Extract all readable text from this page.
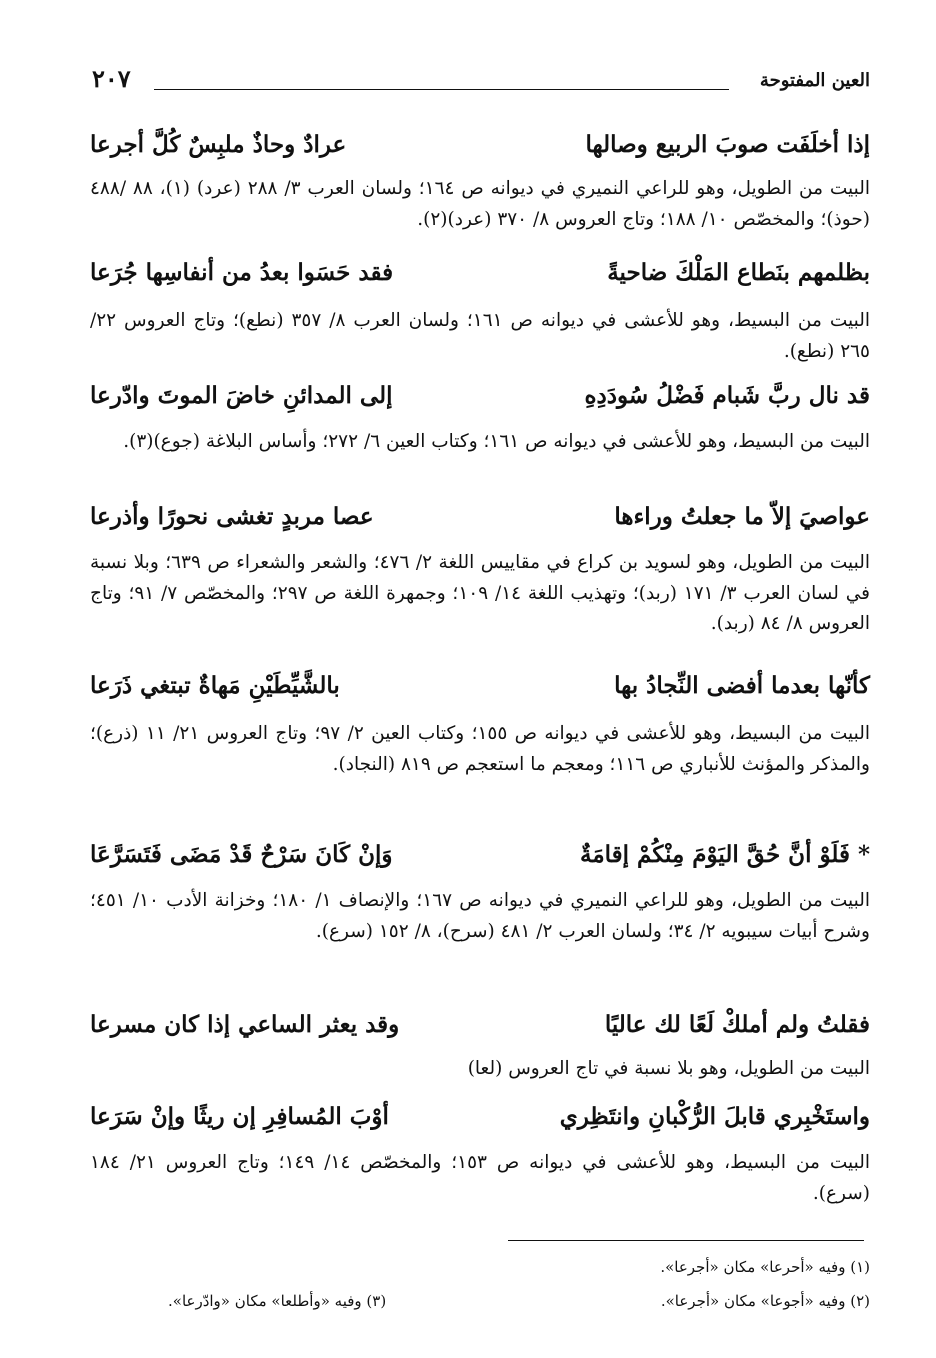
العين المفتوحة
٢٠٧
إذا أخلَفَت صوبَ الربيع وصالها
عرادٌ وحاذٌ ملبِسٌ كُلَّ أجرعا
البيت من الطويل، وهو للراعي النميري في ديوانه ص ١٦٤؛ ولسان العرب ٣/ ٢٨٨ (عرد) (١)، ٨٨ /٤٨٨ (حوذ)؛ والمخصّص ١٠/ ١٨٨؛ وتاج العروس ٨/ ٣٧٠ (عرد)(٢).
بظلمهم بنَطاع المَلْكَ ضاحيةً
فقد حَسَوا بعدُ من أنفاسِها جُرَعا
البيت من البسيط، وهو للأعشى في ديوانه ص ١٦١؛ ولسان العرب ٨/ ٣٥٧ (نطع)؛ وتاج العروس ٢٢/ ٢٦٥ (نطع).
قد نال ربَّ شَبام فَضْلُ سُودَدِهِ
إلى المدائنِ خاضَ الموتَ وادّرعا
البيت من البسيط، وهو للأعشى في ديوانه ص ١٦١؛ وكتاب العين ٦/ ٢٧٢؛ وأساس البلاغة (جوع)(٣).
عواصيَ إلاّ ما جعلتُ وراءها
عصا مربدٍ تغشى نحورًا وأذرعا
البيت من الطويل، وهو لسويد بن كراع في مقاييس اللغة ٢/ ٤٧٦؛ والشعر والشعراء ص ٦٣٩؛ وبلا نسبة في لسان العرب ٣/ ١٧١ (ربد)؛ وتهذيب اللغة ١٤/ ١٠٩؛ وجمهرة اللغة ص ٢٩٧؛ والمخصّص ٧/ ٩١؛ وتاج العروس ٨/ ٨٤ (ربد).
كأنّها بعدما أفضى النِّجادُ بها
بالشَّيِّطَيْنِ مَهاةٌ تبتغي ذَرَعا
البيت من البسيط، وهو للأعشى في ديوانه ص ١٥٥؛ وكتاب العين ٢/ ٩٧؛ وتاج العروس ٢١/ ١١ (ذرع)؛ والمذكر والمؤنث للأنباري ص ١١٦؛ ومعجم ما استعجم ص ٨١٩ (النجاد).
*فَلَوْ أنَّ حُقَّ اليَوْمَ مِنْكُمْ إقامَةٌ
وَإنْ كَانَ سَرْحٌ قَدْ مَضَى فَتَسَرَّعَا
البيت من الطويل، وهو للراعي النميري في ديوانه ص ١٦٧؛ والإنصاف ١/ ١٨٠؛ وخزانة الأدب ١٠/ ٤٥١؛ وشرح أبيات سيبويه ٢/ ٣٤؛ ولسان العرب ٢/ ٤٨١ (سرح)، ٨/ ١٥٢ (سرع).
فقلتُ ولم أملكْ لَعًا لك عاليًا
وقد يعثر الساعي إذا كان مسرعا
البيت من الطويل، وهو بلا نسبة في تاج العروس (لعا)
واستَخْبِري قابلَ الرُّكْبانِ وانتَظِري
أوْبَ المُسافِرِ إن ريثًا وإنْ سَرَعا
البيت من البسيط، وهو للأعشى في ديوانه ص ١٥٣؛ والمخصّص ١٤/ ١٤٩؛ وتاج العروس ٢١/ ١٨٤ (سرع).
(١) وفيه «أحرعا» مكان «أجرعا».
(٢) وفيه «أجوعا» مكان «أجرعا».
(٣) وفيه «وأطلعا» مكان «وادّرعا».
